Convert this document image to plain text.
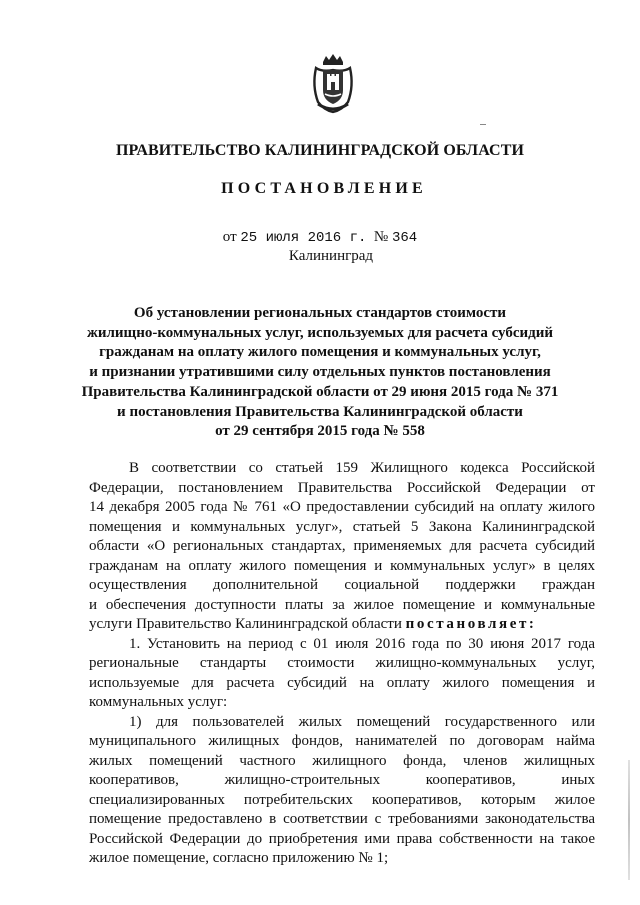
ПРАВИТЕЛЬСТВО КАЛИНИНГРАДСКОЙ ОБЛАСТИ
ПОСТАНОВЛЕНИЕ
от 25 июля 2016 г. № 364
Калининград
Об установлении региональных стандартов стоимости
жилищно-коммунальных услуг, используемых для расчета субсидий
гражданам на оплату жилого помещения и коммунальных услуг,
и признании утратившими силу отдельных пунктов постановления
Правительства Калининградской области от 29 июня 2015 года № 371
и постановления Правительства Калининградской области
от 29 сентября 2015 года № 558
В соответствии со статьей 159 Жилищного кодекса Российской
Федерации, постановлением Правительства Российской Федерации от
14 декабря 2005 года № 761 «О предоставлении субсидий на оплату жилого
помещения и коммунальных услуг», статьей 5 Закона Калининградской
области «О региональных стандартах, применяемых для расчета субсидий
гражданам на оплату жилого помещения и коммунальных услуг» в целях
осуществления дополнительной социальной поддержки граждан
и обеспечения доступности платы за жилое помещение и коммунальные
услуги Правительство Калининградской области постановляет:
1. Установить на период с 01 июля 2016 года по 30 июня 2017 года
региональные стандарты стоимости жилищно-коммунальных услуг,
используемые для расчета субсидий на оплату жилого помещения и
коммунальных услуг:
1) для пользователей жилых помещений государственного или
муниципального жилищных фондов, нанимателей по договорам найма
жилых помещений частного жилищного фонда, членов жилищных
кооперативов, жилищно-строительных кооперативов, иных
специализированных потребительских кооперативов, которым жилое
помещение предоставлено в соответствии с требованиями законодательства
Российской Федерации до приобретения ими права собственности на такое
жилое помещение, согласно приложению № 1;
